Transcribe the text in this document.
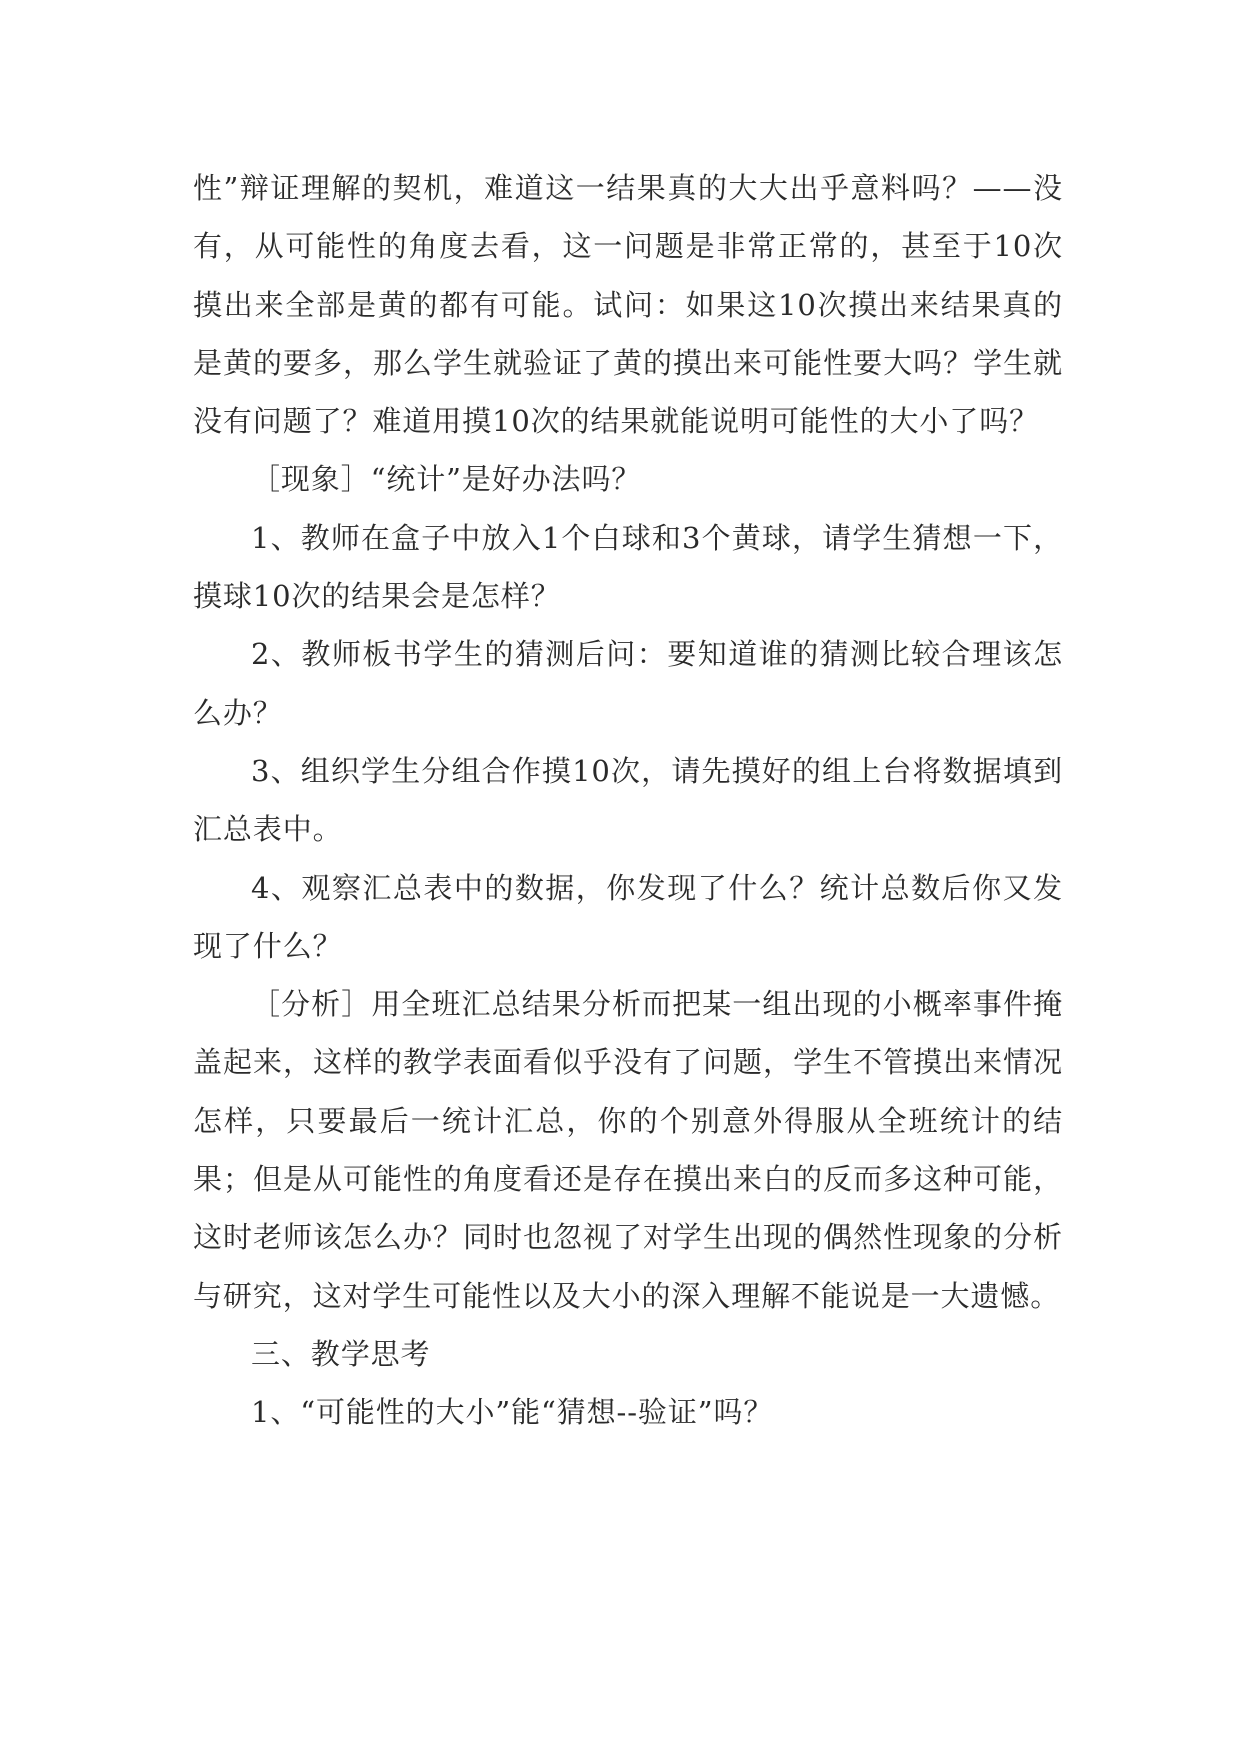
性”辩证理解的契机，难道这一结果真的大大出乎意料吗？——没有，从可能性的角度去看，这一问题是非常正常的，甚至于10次摸出来全部是黄的都有可能。试问：如果这10次摸出来结果真的是黄的要多，那么学生就验证了黄的摸出来可能性要大吗？学生就没有问题了？难道用摸10次的结果就能说明可能性的大小了吗？

［现象］“统计”是好办法吗？

1、教师在盒子中放入1个白球和3个黄球，请学生猜想一下，摸球10次的结果会是怎样？

2、教师板书学生的猜测后问：要知道谁的猜测比较合理该怎么办？

3、组织学生分组合作摸10次，请先摸好的组上台将数据填到汇总表中。

4、观察汇总表中的数据，你发现了什么？统计总数后你又发现了什么？

［分析］用全班汇总结果分析而把某一组出现的小概率事件掩盖起来，这样的教学表面看似乎没有了问题，学生不管摸出来情况怎样，只要最后一统计汇总，你的个别意外得服从全班统计的结果；但是从可能性的角度看还是存在摸出来白的反而多这种可能，这时老师该怎么办？同时也忽视了对学生出现的偶然性现象的分析与研究，这对学生可能性以及大小的深入理解不能说是一大遗憾。

三、教学思考

1、“可能性的大小”能“猜想--验证”吗？
